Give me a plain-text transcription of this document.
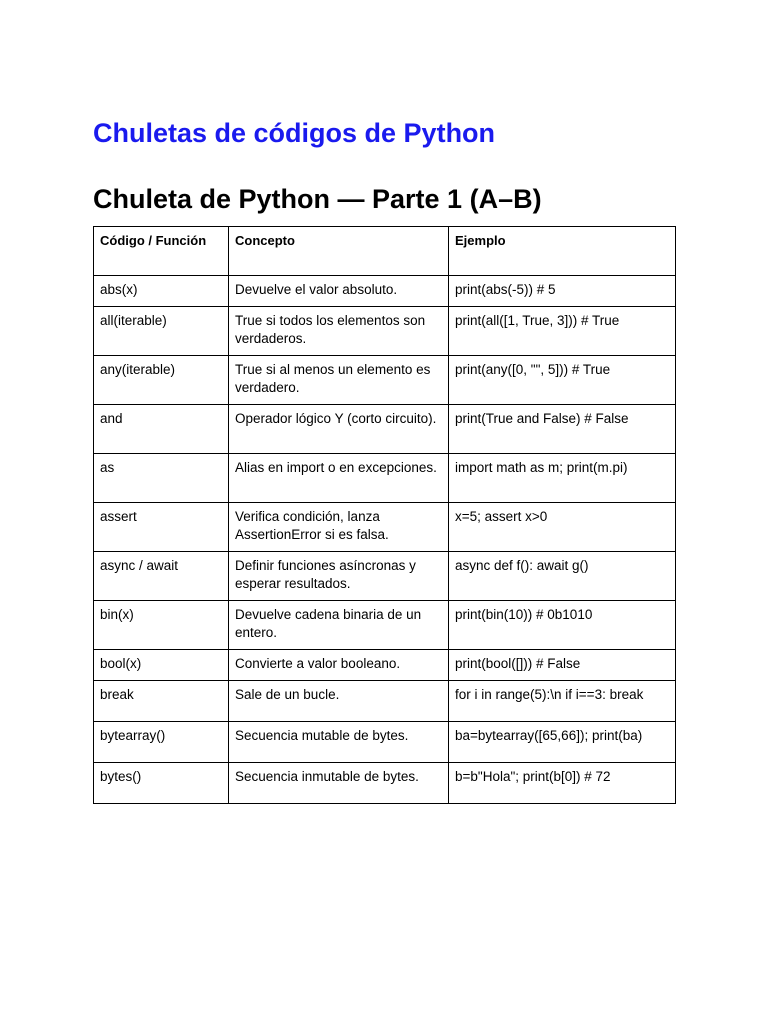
Chuletas de códigos de Python
Chuleta de Python — Parte 1 (A–B)
Código / Función	Concepto	Ejemplo
abs(x)	Devuelve el valor absoluto.	print(abs(-5)) # 5
all(iterable)	True si todos los elementos son verdaderos.	print(all([1, True, 3])) # True
any(iterable)	True si al menos un elemento es verdadero.	print(any([0, "", 5])) # True
and	Operador lógico Y (corto circuito).	print(True and False) # False
as	Alias en import o en excepciones.	import math as m; print(m.pi)
assert	Verifica condición, lanza AssertionError si es falsa.	x=5; assert x>0
async / await	Definir funciones asíncronas y esperar resultados.	async def f(): await g()
bin(x)	Devuelve cadena binaria de un entero.	print(bin(10)) # 0b1010
bool(x)	Convierte a valor booleano.	print(bool([])) # False
break	Sale de un bucle.	for i in range(5):\n if i==3: break
bytearray()	Secuencia mutable de bytes.	ba=bytearray([65,66]); print(ba)
bytes()	Secuencia inmutable de bytes.	b=b"Hola"; print(b[0]) # 72
